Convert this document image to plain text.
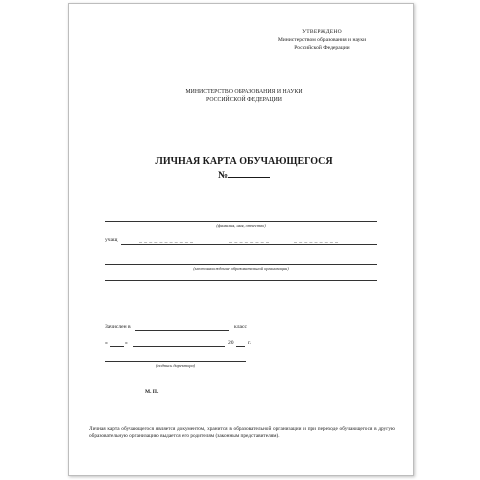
УТВЕРЖДЕНО
Министерством образования и науки
Российской Федерации
МИНИСТЕРСТВО ОБРАЗОВАНИЯ И НАУКИ
РОССИЙСКОЙ ФЕДЕРАЦИИ
ЛИЧНАЯ КАРТА ОБУЧАЮЩЕГОСЯ
№
(фамилия, имя, отчество)
учащ
(местонахождение образовательной организации)
Зачислен в	класс
«	»	20	г.
(подпись директора)
М. П.
Личная карта обучающегося является документом, хранится в образовательной организации и при переходе обучающегося в другую образовательную организацию выдается его родителям (законным представителям).
